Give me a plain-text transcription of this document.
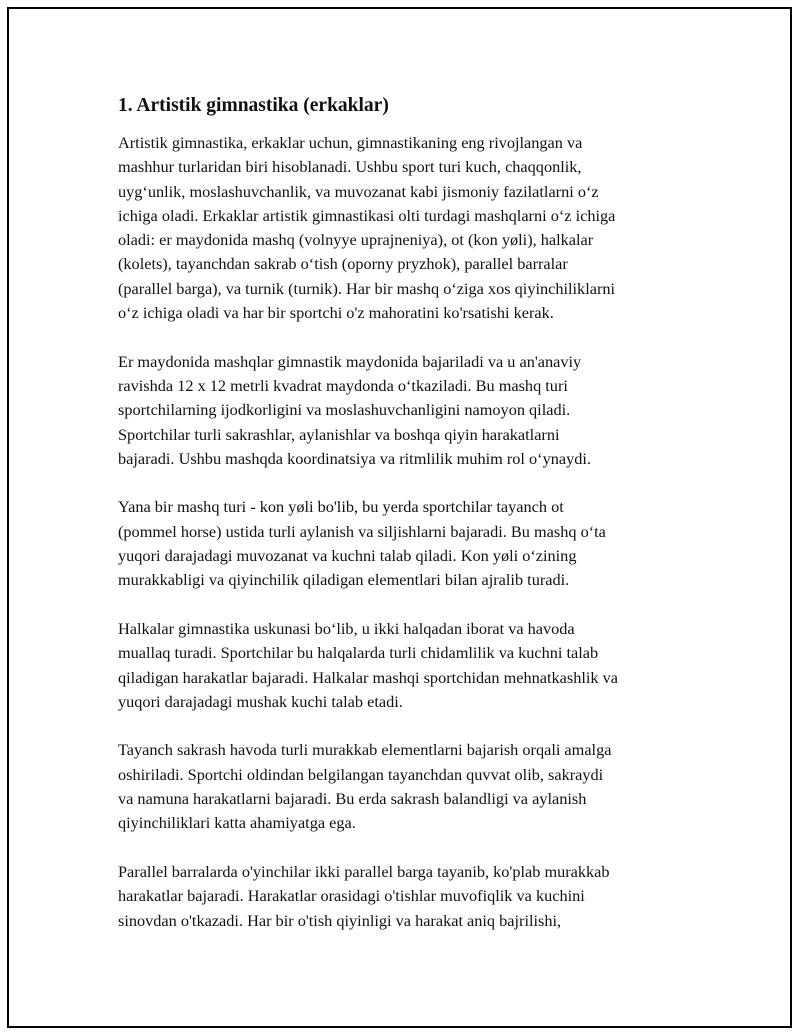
1. Artistik gimnastika (erkaklar)

Artistik gimnastika, erkaklar uchun, gimnastikaning eng rivojlangan va
mashhur turlaridan biri hisoblanadi. Ushbu sport turi kuch, chaqqonlik,
uyg‘unlik, moslashuvchanlik, va muvozanat kabi jismoniy fazilatlarni o‘z
ichiga oladi. Erkaklar artistik gimnastikasi olti turdagi mashqlarni o‘z ichiga
oladi: er maydonida mashq (volnyye uprajneniya), ot (kon yøli), halkalar
(kolets), tayanchdan sakrab o‘tish (oporny pryzhok), parallel barralar
(parallel barga), va turnik (turnik). Har bir mashq o‘ziga xos qiyinchiliklarni
o‘z ichiga oladi va har bir sportchi o'z mahoratini ko'rsatishi kerak.

Er maydonida mashqlar gimnastik maydonida bajariladi va u an'anaviy
ravishda 12 x 12 metrli kvadrat maydonda o‘tkaziladi. Bu mashq turi
sportchilarning ijodkorligini va moslashuvchanligini namoyon qiladi.
Sportchilar turli sakrashlar, aylanishlar va boshqa qiyin harakatlarni
bajaradi. Ushbu mashqda koordinatsiya va ritmlilik muhim rol o‘ynaydi.

Yana bir mashq turi - kon yøli bo'lib, bu yerda sportchilar tayanch ot
(pommel horse) ustida turli aylanish va siljishlarni bajaradi. Bu mashq o‘ta
yuqori darajadagi muvozanat va kuchni talab qiladi. Kon yøli o‘zining
murakkabligi va qiyinchilik qiladigan elementlari bilan ajralib turadi.

Halkalar gimnastika uskunasi bo‘lib, u ikki halqadan iborat va havoda
muallaq turadi. Sportchilar bu halqalarda turli chidamlilik va kuchni talab
qiladigan harakatlar bajaradi. Halkalar mashqi sportchidan mehnatkashlik va
yuqori darajadagi mushak kuchi talab etadi.

Tayanch sakrash havoda turli murakkab elementlarni bajarish orqali amalga
oshiriladi. Sportchi oldindan belgilangan tayanchdan quvvat olib, sakraydi
va namuna harakatlarni bajaradi. Bu erda sakrash balandligi va aylanish
qiyinchiliklari katta ahamiyatga ega.

Parallel barralarda o'yinchilar ikki parallel barga tayanib, ko'plab murakkab
harakatlar bajaradi. Harakatlar orasidagi o'tishlar muvofiqlik va kuchini
sinovdan o'tkazadi. Har bir o'tish qiyinligi va harakat aniq bajrilishi,
